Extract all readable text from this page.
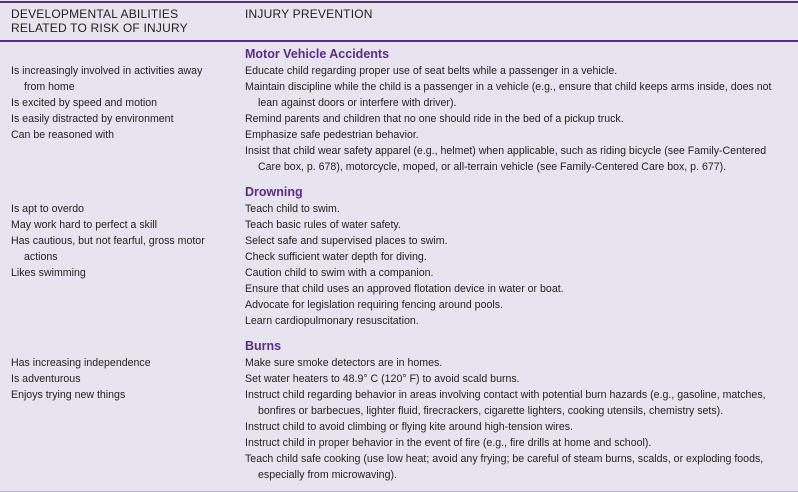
DEVELOPMENTAL ABILITIES
RELATED TO RISK OF INJURY
INJURY PREVENTION
Motor Vehicle Accidents
Is increasingly involved in activities away
from home
Is excited by speed and motion
Is easily distracted by environment
Can be reasoned with
Educate child regarding proper use of seat belts while a passenger in a vehicle.
Maintain discipline while the child is a passenger in a vehicle (e.g., ensure that child keeps arms inside, does not
lean against doors or interfere with driver).
Remind parents and children that no one should ride in the bed of a pickup truck.
Emphasize safe pedestrian behavior.
Insist that child wear safety apparel (e.g., helmet) when applicable, such as riding bicycle (see Family-Centered
Care box, p. 678), motorcycle, moped, or all-terrain vehicle (see Family-Centered Care box, p. 677).
Drowning
Is apt to overdo
May work hard to perfect a skill
Has cautious, but not fearful, gross motor
actions
Likes swimming
Teach child to swim.
Teach basic rules of water safety.
Select safe and supervised places to swim.
Check sufficient water depth for diving.
Caution child to swim with a companion.
Ensure that child uses an approved flotation device in water or boat.
Advocate for legislation requiring fencing around pools.
Learn cardiopulmonary resuscitation.
Burns
Has increasing independence
Is adventurous
Enjoys trying new things
Make sure smoke detectors are in homes.
Set water heaters to 48.9° C (120° F) to avoid scald burns.
Instruct child regarding behavior in areas involving contact with potential burn hazards (e.g., gasoline, matches,
bonfires or barbecues, lighter fluid, firecrackers, cigarette lighters, cooking utensils, chemistry sets).
Instruct child to avoid climbing or flying kite around high-tension wires.
Instruct child in proper behavior in the event of fire (e.g., fire drills at home and school).
Teach child safe cooking (use low heat; avoid any frying; be careful of steam burns, scalds, or exploding foods,
especially from microwaving).
